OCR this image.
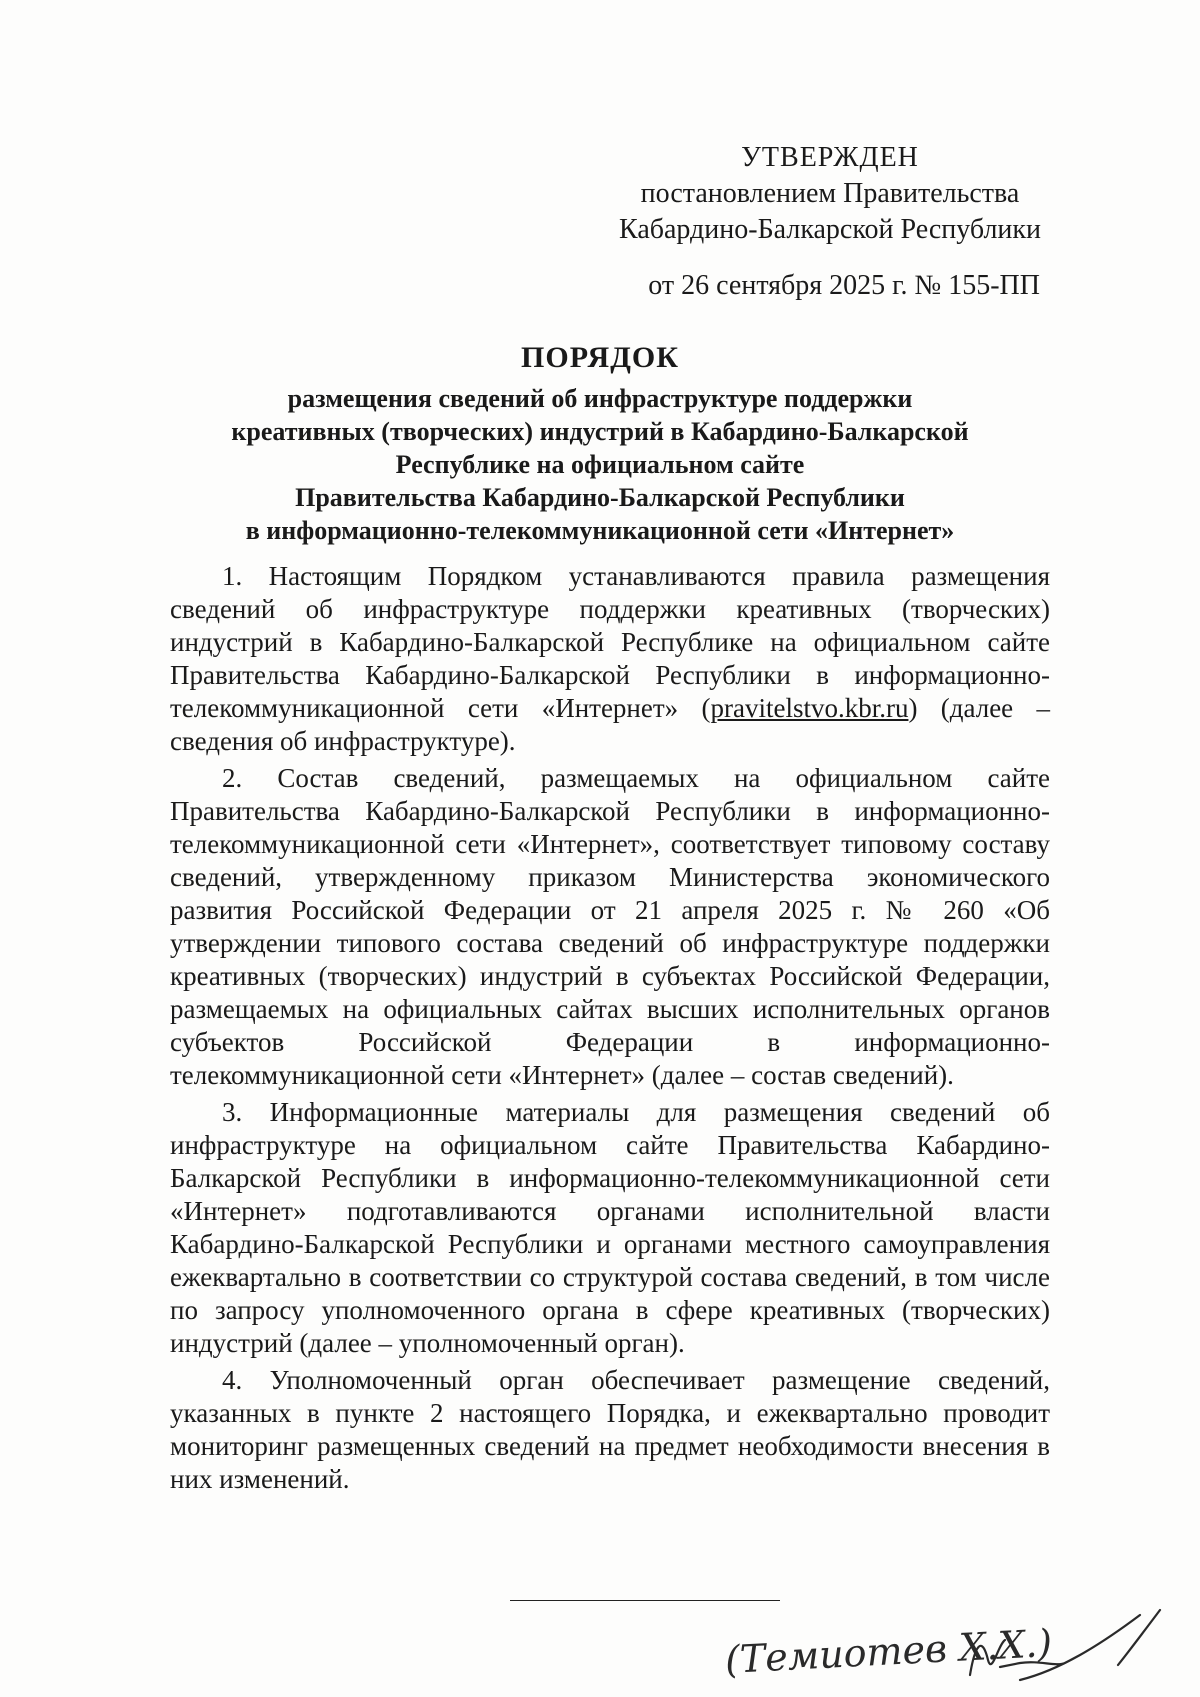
УТВЕРЖДЕН
постановлением Правительства
Кабардино-Балкарской Республики
от 26 сентября 2025 г. № 155-ПП
ПОРЯДОК
размещения сведений об инфраструктуре поддержки
креативных (творческих) индустрий в Кабардино-Балкарской
Республике на официальном сайте
Правительства Кабардино-Балкарской Республики
в информационно-телекоммуникационной сети «Интернет»

1. Настоящим Порядком устанавливаются правила размещения сведений об инфраструктуре поддержки креативных (творческих) индустрий в Кабардино-Балкарской Республике на официальном сайте Правительства Кабардино-Балкарской Республики в информационно-телекоммуникационной сети «Интернет» (pravitelstvo.kbr.ru) (далее – сведения об инфраструктуре).

2. Состав сведений, размещаемых на официальном сайте Правительства Кабардино-Балкарской Республики в информационно-телекоммуникационной сети «Интернет», соответствует типовому составу сведений, утвержденному приказом Министерства экономического развития Российской Федерации от 21 апреля 2025 г. № 260 «Об утверждении типового состава сведений об инфраструктуре поддержки креативных (творческих) индустрий в субъектах Российской Федерации, размещаемых на официальных сайтах высших исполнительных органов субъектов Российской Федерации в информационно-телекоммуникационной сети «Интернет» (далее – состав сведений).

3. Информационные материалы для размещения сведений об инфраструктуре на официальном сайте Правительства Кабардино-Балкарской Республики в информационно-телекоммуникационной сети «Интернет» подготавливаются органами исполнительной власти Кабардино-Балкарской Республики и органами местного самоуправления ежеквартально в соответствии со структурой состава сведений, в том числе по запросу уполномоченного органа в сфере креативных (творческих) индустрий (далее – уполномоченный орган).

4. Уполномоченный орган обеспечивает размещение сведений, указанных в пункте 2 настоящего Порядка, и ежеквартально проводит мониторинг размещенных сведений на предмет необходимости внесения в них изменений.

(Темиотев Х.Х.)
